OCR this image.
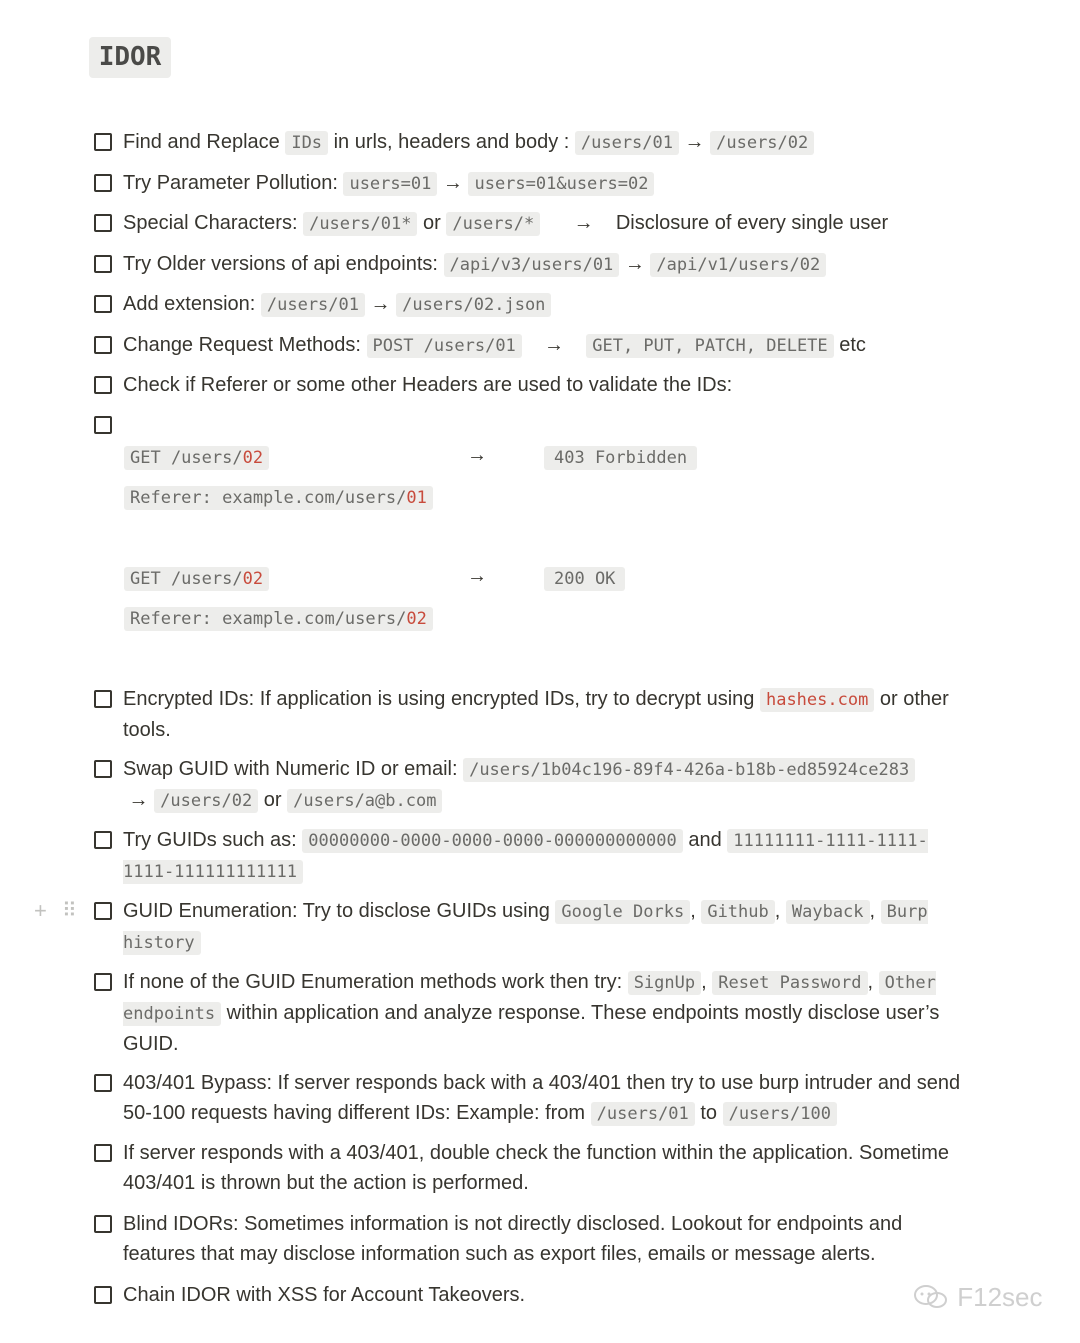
IDOR
Find and Replace IDs in urls, headers and body : /users/01 → /users/02
Try Parameter Pollution: users=01 → users=01&users=02
Special Characters: /users/01* or /users/*      →    Disclosure of every single user
Try Older versions of api endpoints: /api/v3/users/01 → /api/v1/users/02
Add extension: /users/01 → /users/02.json
Change Request Methods: POST /users/01    →    GET, PUT, PATCH, DELETE etc
Check if Referer or some other Headers are used to validate the IDs:
Encrypted IDs: If application is using encrypted IDs, try to decrypt using hashes.com or other tools.
Swap GUID with Numeric ID or email: /users/1b04c196-89f4-426a-b18b-ed85924ce283 → /users/02 or /users/a@b.com
Try GUIDs such as: 00000000-0000-0000-0000-000000000000 and 11111111-1111-1111-1111-111111111111
GUID Enumeration: Try to disclose GUIDs using Google Dorks , Github , Wayback , Burp history
If none of the GUID Enumeration methods work then try: SignUp , Reset Password , Other endpoints within application and analyze response. These endpoints mostly disclose user’s GUID.
403/401 Bypass: If server responds back with a 403/401 then try to use burp intruder and send 50-100 requests having different IDs: Example: from /users/01 to /users/100
If server responds with a 403/401, double check the function within the application. Sometime 403/401 is thrown but the action is performed.
Blind IDORs: Sometimes information is not directly disclosed. Lookout for endpoints and features that may disclose information such as export files, emails or message alerts.
Chain IDOR with XSS for Account Takeovers.
GET /users/02	→	403 Forbidden
Referer: example.com/users/01
GET /users/02	→	200 OK
Referer: example.com/users/02
+ ⠿
F12sec
